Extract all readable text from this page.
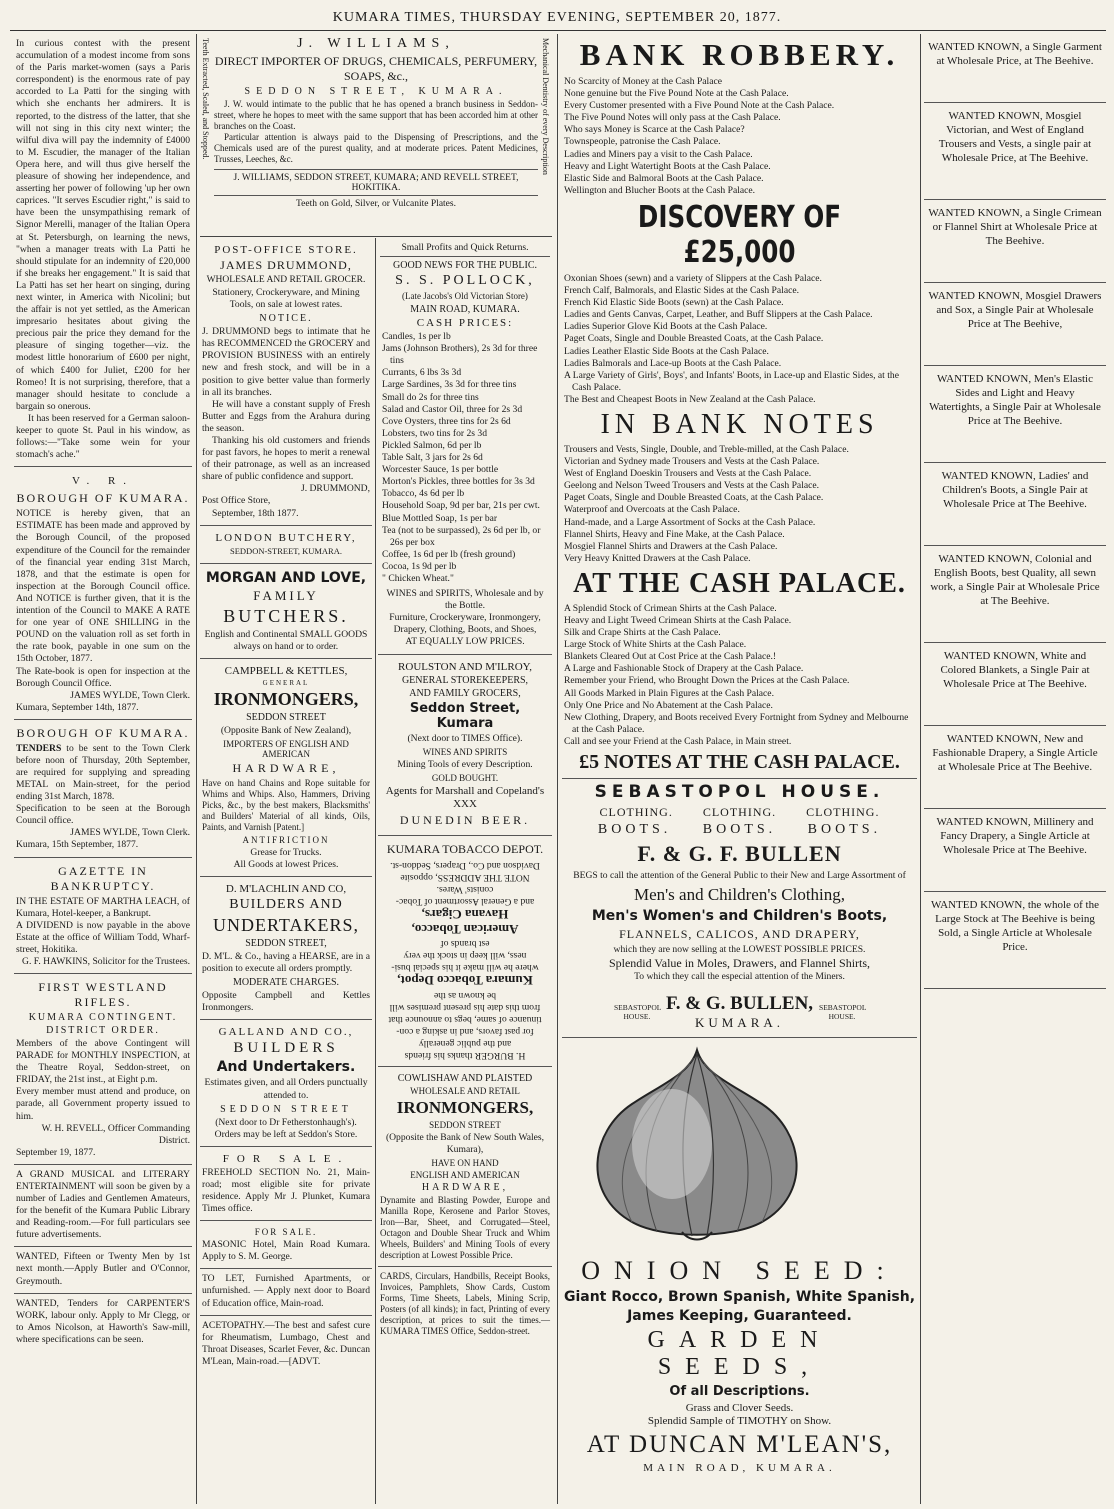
KUMARA TIMES, THURSDAY EVENING, SEPTEMBER 20, 1877.

In curious contest with the present accumulation of a modest income from sons of the Paris market-women (says a Paris correspondent) is the enormous rate of pay accorded to La Patti for the singing with which she enchants her admirers. It is reported, to the distress of the latter, that she will not sing in this city next winter; the wilful diva will pay the indemnity of £4000 to M. Escudier, the manager of the Italian Opera here, and will thus give herself the pleasure of showing her independence, and asserting her power of following 'up her own caprices. "It serves Escudier right," is said to have been the unsympathising remark of Signor Merelli, manager of the Italian Opera at St. Petersburgh, on learning the news, "when a manager treats with La Patti he should stipulate for an indemnity of £20,000 if she breaks her engagement." It is said that La Patti has set her heart on singing, during next winter, in America with Nicolini; but the affair is not yet settled, as the American impresario hesitates about giving the precious pair the price they demand for the pleasure of singing together—viz. the modest little honorarium of £600 per night, of which £400 for Juliet, £200 for her Romeo! It is not surprising, therefore, that a manager should hesitate to conclude a bargain so onerous.

It has been reserved for a German saloon-keeper to quote St. Paul in his window, as follows:—"Take some wein for your stomach's ache."

V. R.
BOROUGH OF KUMARA.

NOTICE is hereby given, that an ESTIMATE has been made and approved by the Borough Council, of the proposed expenditure of the Council for the remainder of the financial year ending 31st March, 1878, and that the estimate is open for inspection at the Borough Council office. And NOTICE is further given, that it is the intention of the Council to MAKE A RATE for one year of ONE SHILLING in the POUND on the valuation roll as set forth in the rate book, payable in one sum on the 15th October, 1877.

The Rate-book is open for inspection at the Borough Council Office.

JAMES WYLDE, Town Clerk.

Kumara, September 14th, 1877.

BOROUGH OF KUMARA.

TENDERS to be sent to the Town Clerk before noon of Thursday, 20th September, are required for supplying and spreading METAL on Main-street, for the period ending 31st March, 1878.

Specification to be seen at the Borough Council office.

JAMES WYLDE, Town Clerk.

Kumara, 15th September, 1877.

GAZETTE IN BANKRUPTCY.

IN THE ESTATE OF MARTHA LEACH, of Kumara, Hotel-keeper, a Bankrupt.

A DIVIDEND is now payable in the above Estate at the office of William Todd, Wharf-street, Hokitika.

G. F. HAWKINS, Solicitor for the Trustees.
FIRST WESTLAND RIFLES.
KUMARA CONTINGENT.
DISTRICT ORDER.

Members of the above Contingent will PARADE for MONTHLY INSPECTION, at the Theatre Royal, Seddon-street, on FRIDAY, the 21st inst., at Eight p.m.

Every member must attend and produce, on parade, all Government property issued to him.

W. H. REVELL, Officer Commanding District.

September 19, 1877.

A GRAND MUSICAL and LITERARY ENTERTAINMENT will soon be given by a number of Ladies and Gentlemen Amateurs, for the benefit of the Kumara Public Library and Reading-room.—For full particulars see future advertisements.

WANTED, Fifteen or Twenty Men by 1st next month.—Apply Butler and O'Connor, Greymouth.

WANTED, Tenders for CARPENTER'S WORK, labour only. Apply to Mr Clegg, or to Amos Nicolson, at Haworth's Saw-mill, where specifications can be seen.

Teeth Extracted, Scaled, and Stopped.	Mechanical Dentistry of every Description
J. WILLIAMS,
DIRECT IMPORTER OF DRUGS, CHEMICALS, PERFUMERY, SOAPS, &c.,
SEDDON STREET, KUMARA.

J. W. would intimate to the public that he has opened a branch business in Seddon-street, where he hopes to meet with the same support that has been accorded him at other branches on the Coast.

Particular attention is always paid to the Dispensing of Prescriptions, and the Chemicals used are of the purest quality, and at moderate prices. Patent Medicines, Trusses, Leeches, &c.

J. WILLIAMS, SEDDON STREET, KUMARA; AND REVELL STREET, HOKITIKA.
Teeth on Gold, Silver, or Vulcanite Plates.
POST-OFFICE STORE.
JAMES DRUMMOND,
WHOLESALE AND RETAIL GROCER.

Stationery, Crockeryware, and Mining Tools, on sale at lowest rates.

NOTICE.

J. DRUMMOND begs to intimate that he has RECOMMENCED the GROCERY and PROVISION BUSINESS with an entirely new and fresh stock, and will be in a position to give better value than formerly in all its branches.

He will have a constant supply of Fresh Butter and Eggs from the Arahura during the season.

Thanking his old customers and friends for past favors, he hopes to merit a renewal of their patronage, as well as an increased share of public confidence and support.

J. DRUMMOND,

Post Office Store,

September, 18th 1877.

LONDON BUTCHERY,
SEDDON-STREET, KUMARA.
MORGAN AND LOVE,
FAMILY
BUTCHERS.

English and Continental SMALL GOODS always on hand or to order.

CAMPBELL & KETTLES,
GENERAL
IRONMONGERS,
SEDDON STREET

(Opposite Bank of New Zealand),

IMPORTERS OF ENGLISH AND AMERICAN
HARDWARE,

Have on hand Chains and Rope suitable for Whims and Whips. Also, Hammers, Driving Picks, &c., by the best makers, Blacksmiths' and Builders' Material of all kinds, Oils, Paints, and Varnish [Patent.]

ANTIFRICTION

Grease for Trucks.

All Goods at lowest Prices.

D. M'LACHLIN AND CO,
BUILDERS AND
UNDERTAKERS,
SEDDON STREET,

D. M'L. & Co., having a HEARSE, are in a position to execute all orders promptly.

MODERATE CHARGES.

Opposite Campbell and Kettles Ironmongers.

GALLAND AND CO.,
BUILDERS
And Undertakers.

Estimates given, and all Orders punctually attended to.

SEDDON STREET

(Next door to Dr Fetherstonhaugh's).

Orders may be left at Seddon's Store.

FOR SALE.

FREEHOLD SECTION No. 21, Main-road; most eligible site for private residence. Apply Mr J. Plunket, Kumara Times office.

FOR SALE.

MASONIC Hotel, Main Road Kumara. Apply to S. M. George.

TO LET, Furnished Apartments, or unfurnished. — Apply next door to Board of Education office, Main-road.

ACETOPATHY.—The best and safest cure for Rheumatism, Lumbago, Chest and Throat Diseases, Scarlet Fever, &c. Duncan M'Lean, Main-road.—[ADVT.

Small Profits and Quick Returns.

GOOD NEWS FOR THE PUBLIC.
S. S. POLLOCK,

(Late Jacobs's Old Victorian Store)

MAIN ROAD, KUMARA.
CASH PRICES:

Candles, 1s per lb

Jams (Johnson Brothers), 2s 3d for three tins

Currants, 6 lbs 3s 3d

Large Sardines, 3s 3d for three tins

Small do 2s for three tins

Salad and Castor Oil, three for 2s 3d

Cove Oysters, three tins for 2s 6d

Lobsters, two tins for 2s 3d

Pickled Salmon, 6d per lb

Table Salt, 3 jars for 2s 6d

Worcester Sauce, 1s per bottle

Morton's Pickles, three bottles for 3s 3d

Tobacco, 4s 6d per lb

Household Soap, 9d per bar, 21s per cwt.

Blue Mottled Soap, 1s per bar

Tea (not to be surpassed), 2s 6d per lb, or 26s per box

Coffee, 1s 6d per lb (fresh ground)

Cocoa, 1s 9d per lb

" Chicken Wheat."

WINES and SPIRITS, Wholesale and by the Bottle.

Furniture, Crockeryware, Ironmongery, Drapery, Clothing, Boots, and Shoes,

AT EQUALLY LOW PRICES.

ROULSTON AND M'ILROY,
GENERAL STOREKEEPERS,
AND FAMILY GROCERS,
Seddon Street, Kumara

(Next door to TIMES Office).

WINES AND SPIRITS

Mining Tools of every Description.

GOLD BOUGHT.

Agents for Marshall and Copeland's XXX

DUNEDIN BEER.
KUMARA TOBACCO DEPOT.

H. BURGER thanks his friends

and the public generally

for past favors, and in asking a con-

tinuance of same, begs to announce that

from this date his present premises will

be known as the

Kumara Tobacco Depot,

where he will make it his special busi-

ness, will keep in stock the very

est brands of

American Tobacco,

Havana Cigars,

and a General Assortment of Tobac-

conists' Wares.

NOTE THE ADDRESS, opposite

Davidson and Co., Drapers, Seddon-st.

COWLISHAW AND PLAISTED
WHOLESALE AND RETAIL
IRONMONGERS,
SEDDON STREET

(Opposite the Bank of New South Wales, Kumara),

HAVE ON HAND
ENGLISH AND AMERICAN
HARDWARE,

Dynamite and Blasting Powder, Europe and Manilla Rope, Kerosene and Parlor Stoves, Iron—Bar, Sheet, and Corrugated—Steel, Octagon and Double Shear Truck and Whim Wheels, Builders' and Mining Tools of every description at Lowest Possible Price.

CARDS, Circulars, Handbills, Receipt Books, Invoices, Pamphlets, Show Cards, Custom Forms, Time Sheets, Labels, Mining Scrip, Posters (of all kinds); in fact, Printing of every description, at prices to suit the times.—KUMARA TIMES Office, Seddon-street.

BANK ROBBERY.

No Scarcity of Money at the Cash Palace

None genuine but the Five Pound Note at the Cash Palace.

Every Customer presented with a Five Pound Note at the Cash Palace.

The Five Pound Notes will only pass at the Cash Palace.

Who says Money is Scarce at the Cash Palace?

Townspeople, patronise the Cash Palace.

Ladies and Miners pay a visit to the Cash Palace.

Heavy and Light Watertight Boots at the Cash Palace.

Elastic Side and Balmoral Boots at the Cash Palace.

Wellington and Blucher Boots at the Cash Palace.

DISCOVERY OF £25,000

Oxonian Shoes (sewn) and a variety of Slippers at the Cash Palace.

French Calf, Balmorals, and Elastic Sides at the Cash Palace.

French Kid Elastic Side Boots (sewn) at the Cash Palace.

Ladies and Gents Canvas, Carpet, Leather, and Buff Slippers at the Cash Palace.

Ladies Superior Glove Kid Boots at the Cash Palace.

Paget Coats, Single and Double Breasted Coats, at the Cash Palace.

Ladies Leather Elastic Side Boots at the Cash Palace.

Ladies Balmorals and Lace-up Boots at the Cash Palace.

A Large Variety of Girls', Boys', and Infants' Boots, in Lace-up and Elastic Sides, at the Cash Palace.

The Best and Cheapest Boots in New Zealand at the Cash Palace.

IN BANK NOTES

Trousers and Vests, Single, Double, and Treble-milled, at the Cash Palace.

Victorian and Sydney made Trousers and Vests at the Cash Palace.

West of England Doeskin Trousers and Vests at the Cash Palace.

Geelong and Nelson Tweed Trousers and Vests at the Cash Palace.

Paget Coats, Single and Double Breasted Coats, at the Cash Palace.

Waterproof and Overcoats at the Cash Palace.

Hand-made, and a Large Assortment of Socks at the Cash Palace.

Flannel Shirts, Heavy and Fine Make, at the Cash Palace.

Mosgiel Flannel Shirts and Drawers at the Cash Palace.

Very Heavy Knitted Drawers at the Cash Palace.

AT THE CASH PALACE.

A Splendid Stock of Crimean Shirts at the Cash Palace.

Heavy and Light Tweed Crimean Shirts at the Cash Palace.

Silk and Crape Shirts at the Cash Palace.

Large Stock of White Shirts at the Cash Palace.

Blankets Cleared Out at Cost Price at the Cash Palace.!

A Large and Fashionable Stock of Drapery at the Cash Palace.

Remember your Friend, who Brought Down the Prices at the Cash Palace.

All Goods Marked in Plain Figures at the Cash Palace.

Only One Price and No Abatement at the Cash Palace.

New Clothing, Drapery, and Boots received Every Fortnight from Sydney and Melbourne at the Cash Palace.

Call and see your Friend at the Cash Palace, in Main street.

£5 NOTES AT THE CASH PALACE.
SEBASTOPOL HOUSE.
CLOTHING. CLOTHING. CLOTHING.
BOOTS. BOOTS. BOOTS.
F. & G. F. BULLEN

BEGS to call the attention of the General Public to their New and Large Assortment of

Men's and Children's Clothing,
Men's Women's and Children's Boots,
FLANNELS, CALICOS, AND DRAPERY,

which they are now selling at the LOWEST POSSIBLE PRICES.

Splendid Value in Moles, Drawers, and Flannel Shirts,

To which they call the especial attention of the Miners.

SEBASTOPOL HOUSE.
F. & G. BULLEN,
KUMARA.
SEBASTOPOL HOUSE.
ONION SEED:
Giant Rocco, Brown Spanish, White Spanish,
James Keeping, Guaranteed.
GARDEN SEEDS,
Of all Descriptions.

Grass and Clover Seeds.

Splendid Sample of TIMOTHY on Show.

AT DUNCAN M'LEAN'S,
MAIN ROAD, KUMARA.
WANTED KNOWN, a Single Garment at Wholesale Price, at The Beehive.
WANTED KNOWN, Mosgiel Victorian, and West of England Trousers and Vests, a single pair at Wholesale Price, at The Beehive.
WANTED KNOWN, a Single Crimean or Flannel Shirt at Wholesale Price at The Beehive.
WANTED KNOWN, Mosgiel Drawers and Sox, a Single Pair at Wholesale Price at The Beehive,
WANTED KNOWN, Men's Elastic Sides and Light and Heavy Watertights, a Single Pair at Wholesale Price at The Beehive.
WANTED KNOWN, Ladies' and Children's Boots, a Single Pair at Wholesale Price at The Beehive.
WANTED KNOWN, Colonial and English Boots, best Quality, all sewn work, a Single Pair at Wholesale Price at The Beehive.
WANTED KNOWN, White and Colored Blankets, a Single Pair at Wholesale Price at The Beehive.
WANTED KNOWN, New and Fashionable Drapery, a Single Article at Wholesale Price at The Beehive.
WANTED KNOWN, Millinery and Fancy Drapery, a Single Article at Wholesale Price at The Beehive.
WANTED KNOWN, the whole of the Large Stock at The Beehive is being Sold, a Single Article at Wholesale Price.
